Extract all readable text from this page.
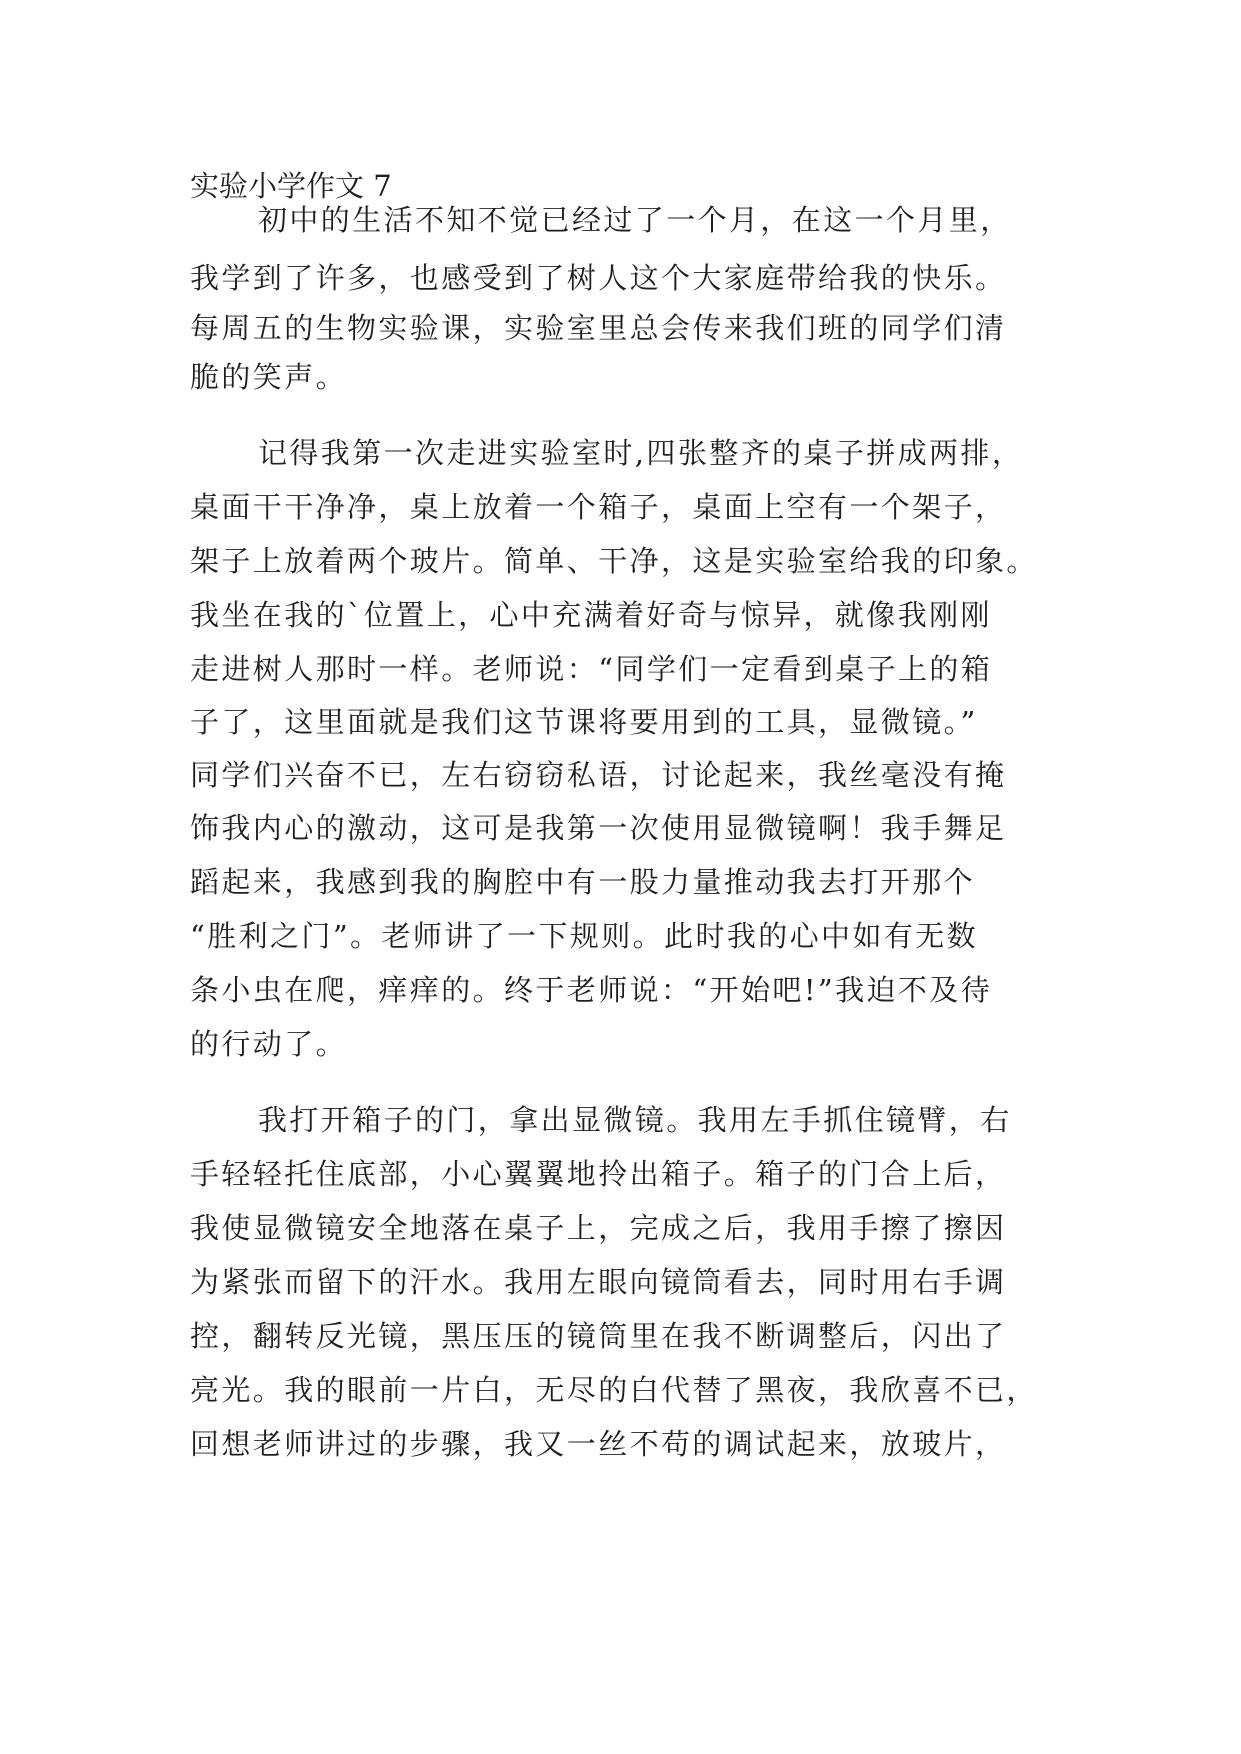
实验小学作文 7
初中的生活不知不觉已经过了一个月，在这一个月里，
我学到了许多，也感受到了树人这个大家庭带给我的快乐。
每周五的生物实验课，实验室里总会传来我们班的同学们清
脆的笑声。
记得我第一次走进实验室时,四张整齐的桌子拼成两排，
桌面干干净净，桌上放着一个箱子，桌面上空有一个架子，
架子上放着两个玻片。简单、干净，这是实验室给我的印象。
我坐在我的`位置上，心中充满着好奇与惊异，就像我刚刚
走进树人那时一样。老师说：“同学们一定看到桌子上的箱
子了，这里面就是我们这节课将要用到的工具，显微镜。”
同学们兴奋不已，左右窃窃私语，讨论起来，我丝毫没有掩
饰我内心的激动，这可是我第一次使用显微镜啊！我手舞足
蹈起来，我感到我的胸腔中有一股力量推动我去打开那个
“胜利之门”。老师讲了一下规则。此时我的心中如有无数
条小虫在爬，痒痒的。终于老师说：“开始吧!”我迫不及待
的行动了。
我打开箱子的门，拿出显微镜。我用左手抓住镜臂，右
手轻轻托住底部，小心翼翼地拎出箱子。箱子的门合上后，
我使显微镜安全地落在桌子上，完成之后，我用手擦了擦因
为紧张而留下的汗水。我用左眼向镜筒看去，同时用右手调
控，翻转反光镜，黑压压的镜筒里在我不断调整后，闪出了
亮光。我的眼前一片白，无尽的白代替了黑夜，我欣喜不已，
回想老师讲过的步骤，我又一丝不苟的调试起来，放玻片，
